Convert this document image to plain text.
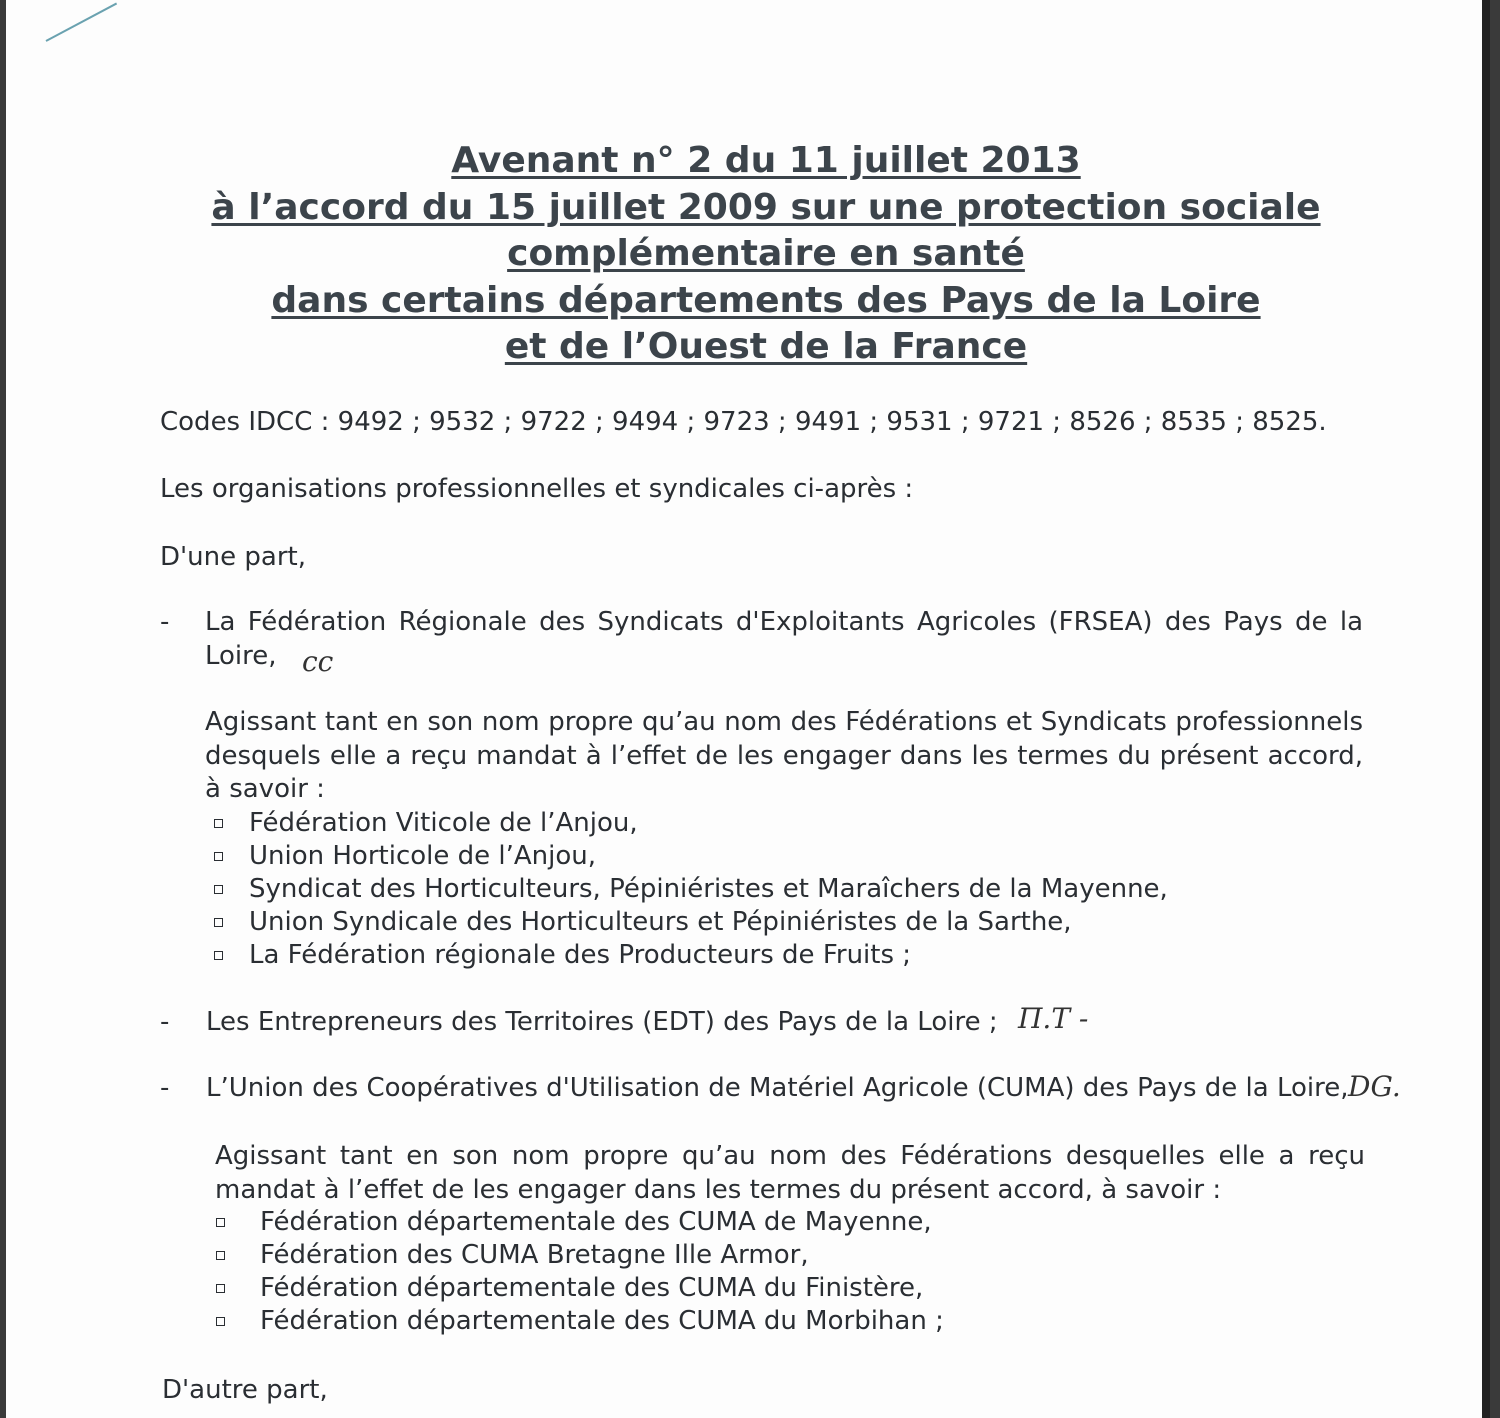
Avenant n° 2 du 11 juillet 2013
à l’accord du 15 juillet 2009 sur une protection sociale
complémentaire en santé
dans certains départements des Pays de la Loire
et de l’Ouest de la France
Codes IDCC : 9492 ; 9532 ; 9722 ; 9494 ; 9723 ; 9491 ; 9531 ; 9721 ; 8526 ; 8535 ; 8525.
Les organisations professionnelles et syndicales ci-après :
D'une part,
- La Fédération Régionale des Syndicats d'Exploitants Agricoles (FRSEA) des Pays de la Loire, cc
Agissant tant en son nom propre qu’au nom des Fédérations et Syndicats professionnels desquels elle a reçu mandat à l’effet de les engager dans les termes du présent accord, à savoir :
Fédération Viticole de l’Anjou,
Union Horticole de l’Anjou,
Syndicat des Horticulteurs, Pépiniéristes et Maraîchers de la Mayenne,
Union Syndicale des Horticulteurs et Pépiniéristes de la Sarthe,
La Fédération régionale des Producteurs de Fruits ;
- Les Entrepreneurs des Territoires (EDT) des Pays de la Loire ; Π.T -
- L’Union des Coopératives d'Utilisation de Matériel Agricole (CUMA) des Pays de la Loire, DG.
Agissant tant en son nom propre qu’au nom des Fédérations desquelles elle a reçu mandat à l’effet de les engager dans les termes du présent accord, à savoir :
Fédération départementale des CUMA de Mayenne,
Fédération des CUMA Bretagne Ille Armor,
Fédération départementale des CUMA du Finistère,
Fédération départementale des CUMA du Morbihan ;
D'autre part,
